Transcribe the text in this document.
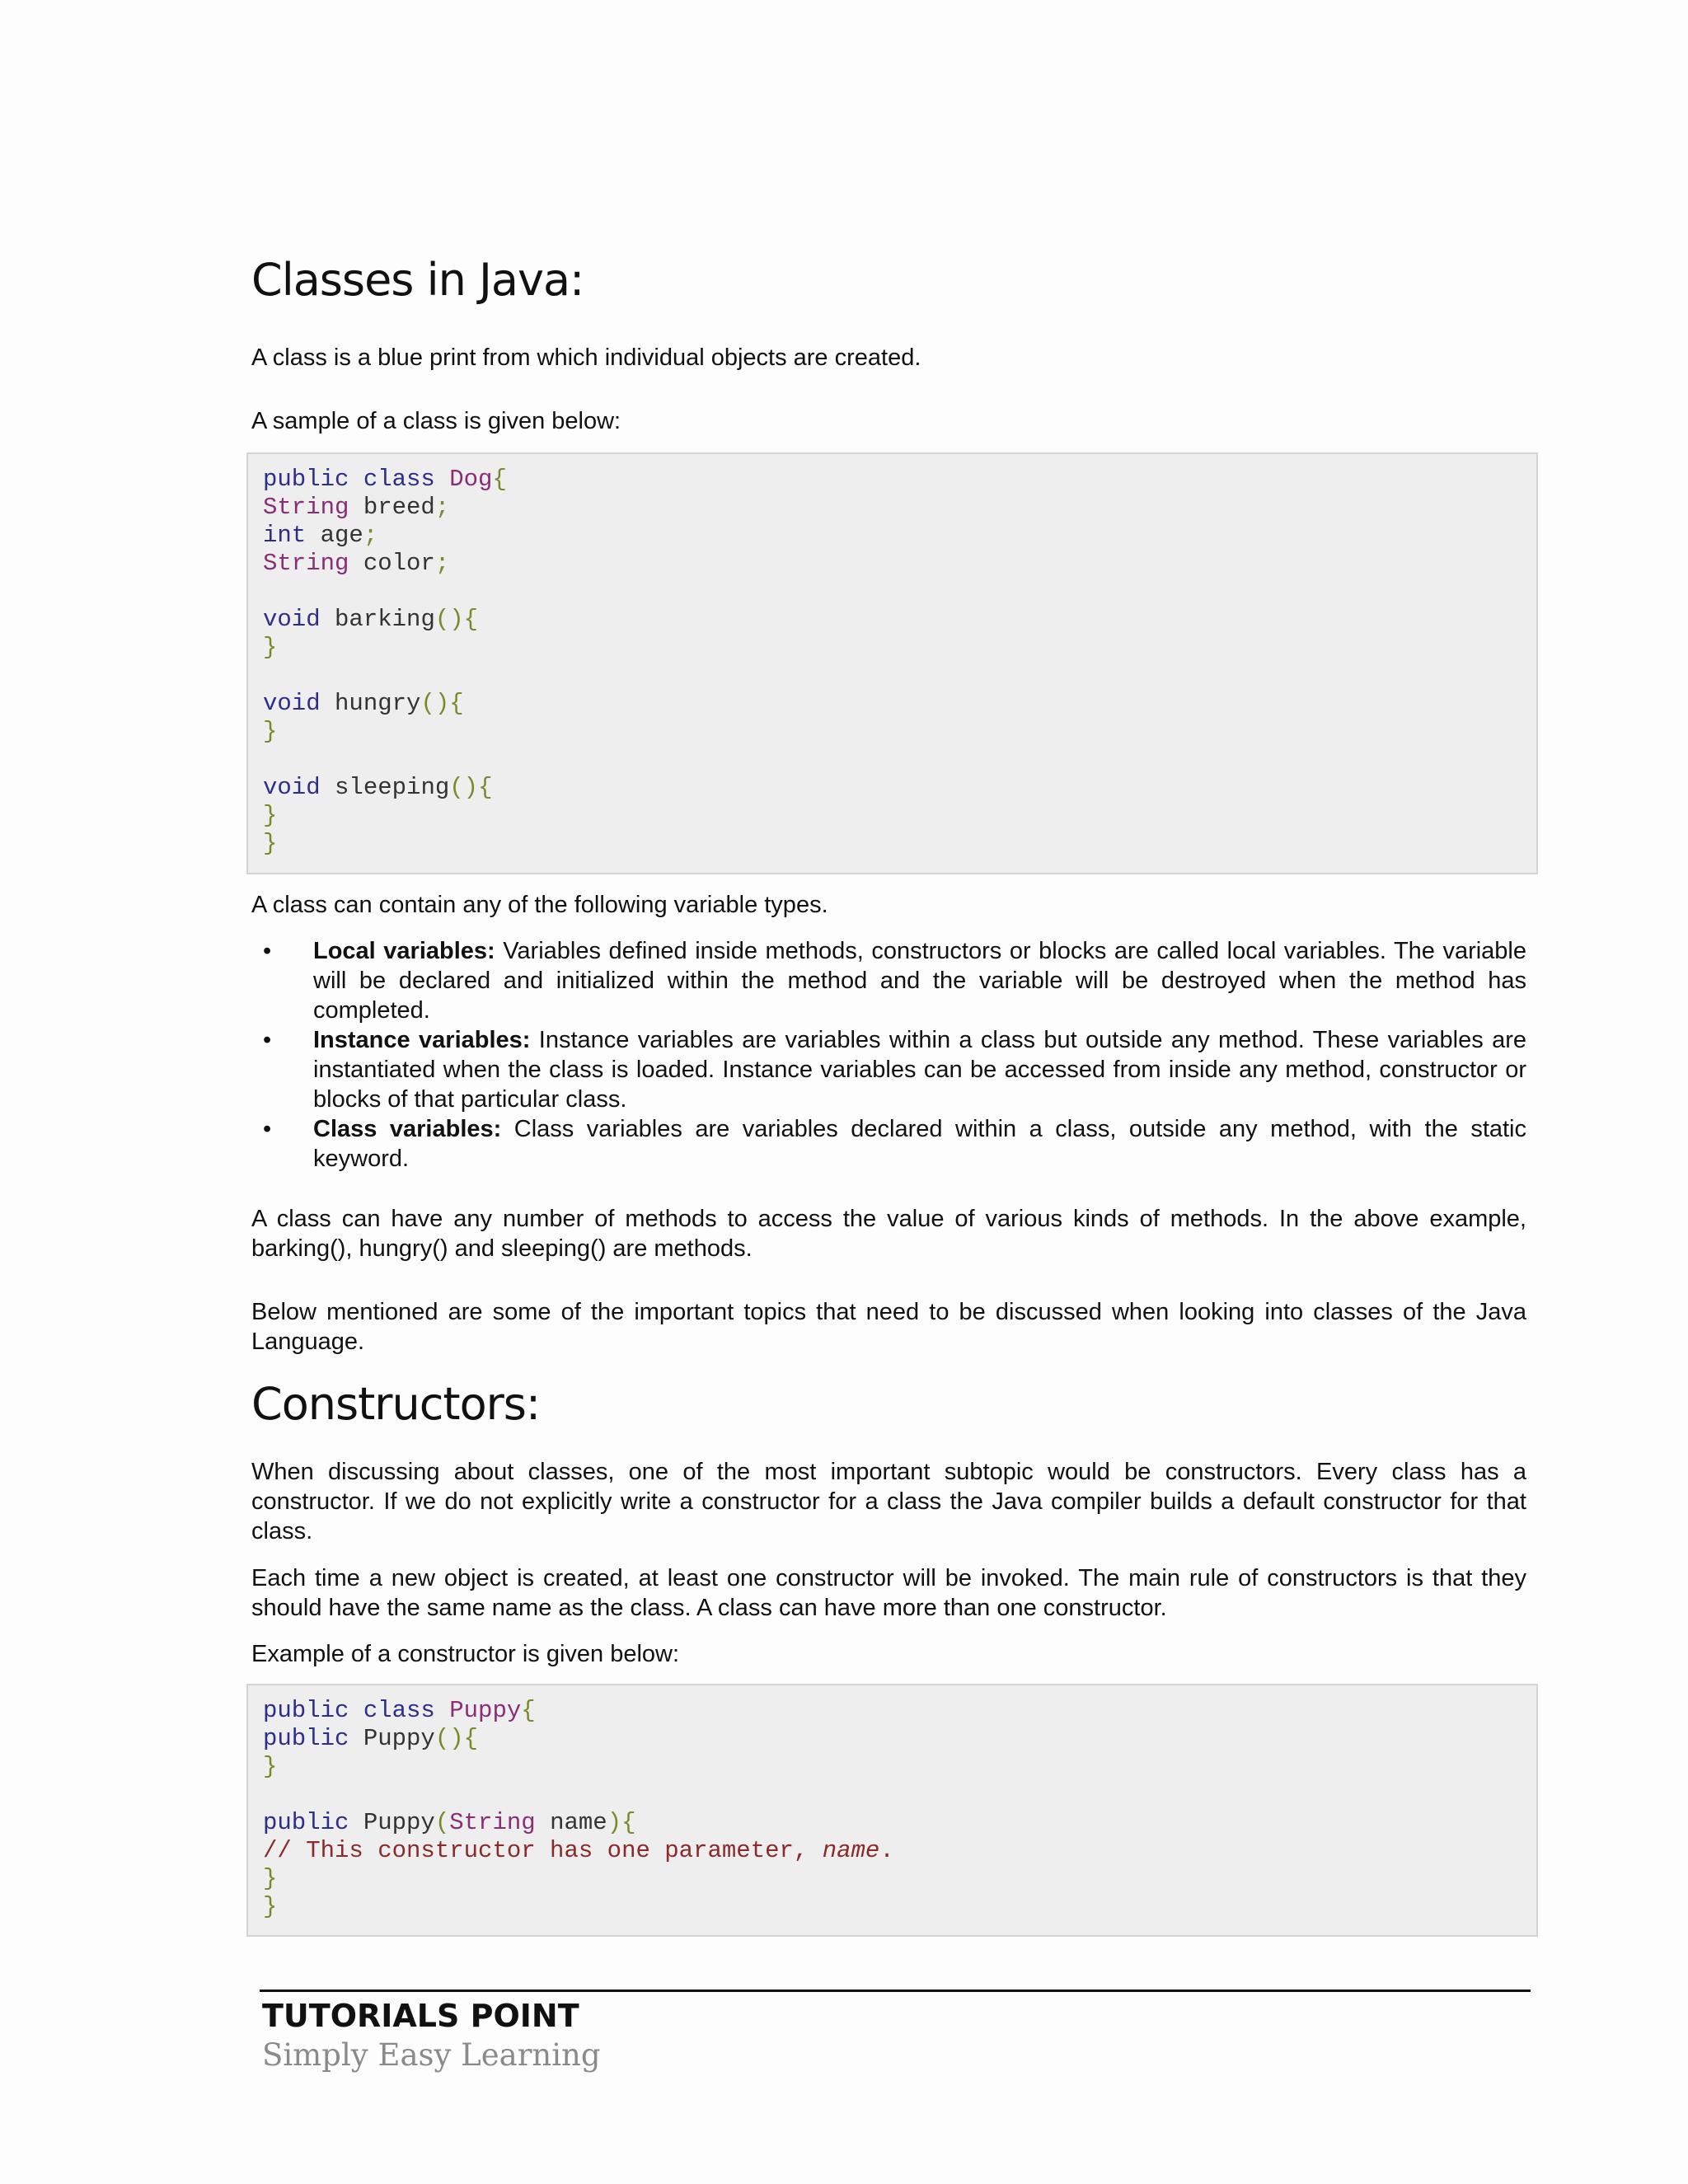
Classes in Java:

A class is a blue print from which individual objects are created.

A sample of a class is given below:

public class Dog{
String breed;
int age;
String color;

void barking(){
}

void hungry(){
}

void sleeping(){
}
}

A class can contain any of the following variable types.

• Local variables: Variables defined inside methods, constructors or blocks are called local variables. The variable will be declared and initialized within the method and the variable will be destroyed when the method has completed.
• Instance variables: Instance variables are variables within a class but outside any method. These variables are instantiated when the class is loaded. Instance variables can be accessed from inside any method, constructor or blocks of that particular class.
• Class variables: Class variables are variables declared within a class, outside any method, with the static keyword.

A class can have any number of methods to access the value of various kinds of methods. In the above example, barking(), hungry() and sleeping() are methods.

Below mentioned are some of the important topics that need to be discussed when looking into classes of the Java Language.

Constructors:

When discussing about classes, one of the most important subtopic would be constructors. Every class has a constructor. If we do not explicitly write a constructor for a class the Java compiler builds a default constructor for that class.

Each time a new object is created, at least one constructor will be invoked. The main rule of constructors is that they should have the same name as the class. A class can have more than one constructor.

Example of a constructor is given below:

public class Puppy{
public Puppy(){
}

public Puppy(String name){
// This constructor has one parameter, name.
}
}
TUTORIALS POINT
Simply Easy Learning
